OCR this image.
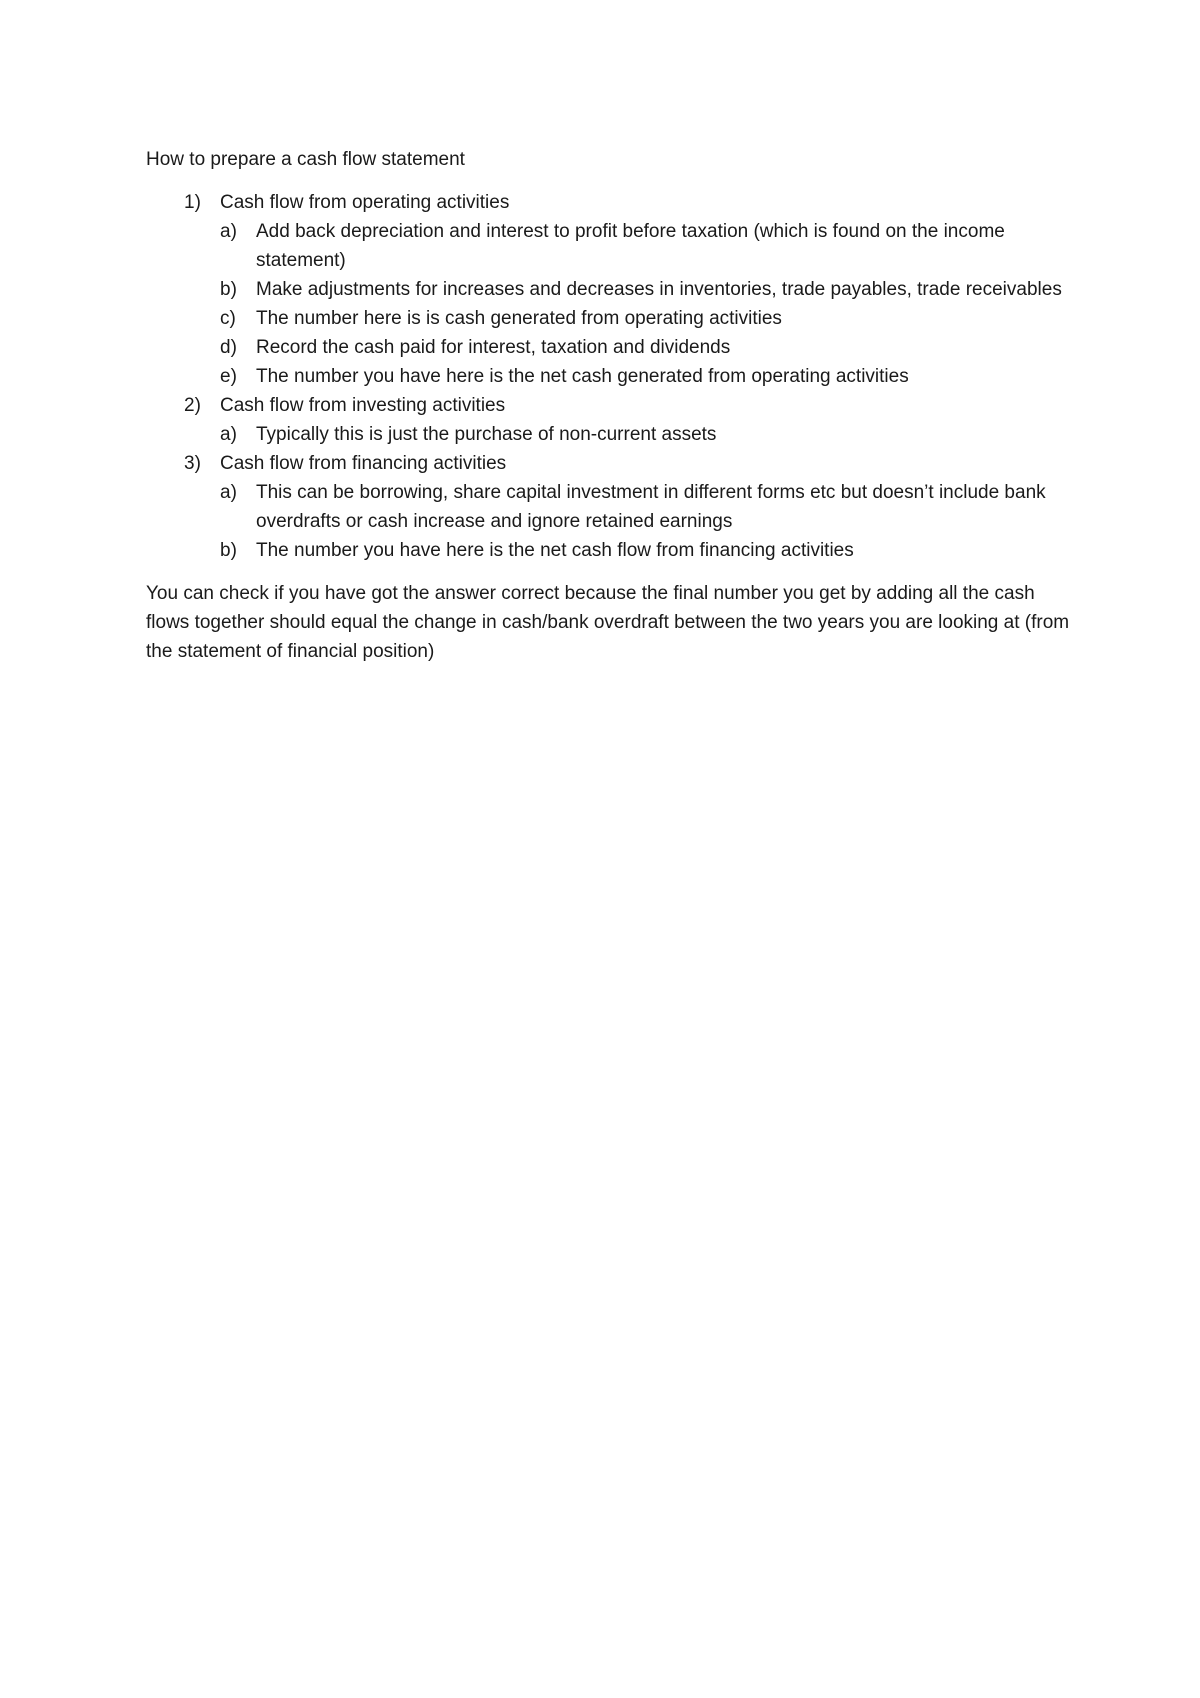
How to prepare a cash flow statement

1) Cash flow from operating activities
a) Add back depreciation and interest to profit before taxation (which is found on the income statement)
b) Make adjustments for increases and decreases in inventories, trade payables, trade receivables
c) The number here is is cash generated from operating activities
d) Record the cash paid for interest, taxation and dividends
e) The number you have here is the net cash generated from operating activities
2) Cash flow from investing activities
a) Typically this is just the purchase of non-current assets
3) Cash flow from financing activities
a) This can be borrowing, share capital investment in different forms etc but doesn’t include bank overdrafts or cash increase and ignore retained earnings
b) The number you have here is the net cash flow from financing activities

You can check if you have got the answer correct because the final number you get by adding all the cash flows together should equal the change in cash/bank overdraft between the two years you are looking at (from the statement of financial position)
